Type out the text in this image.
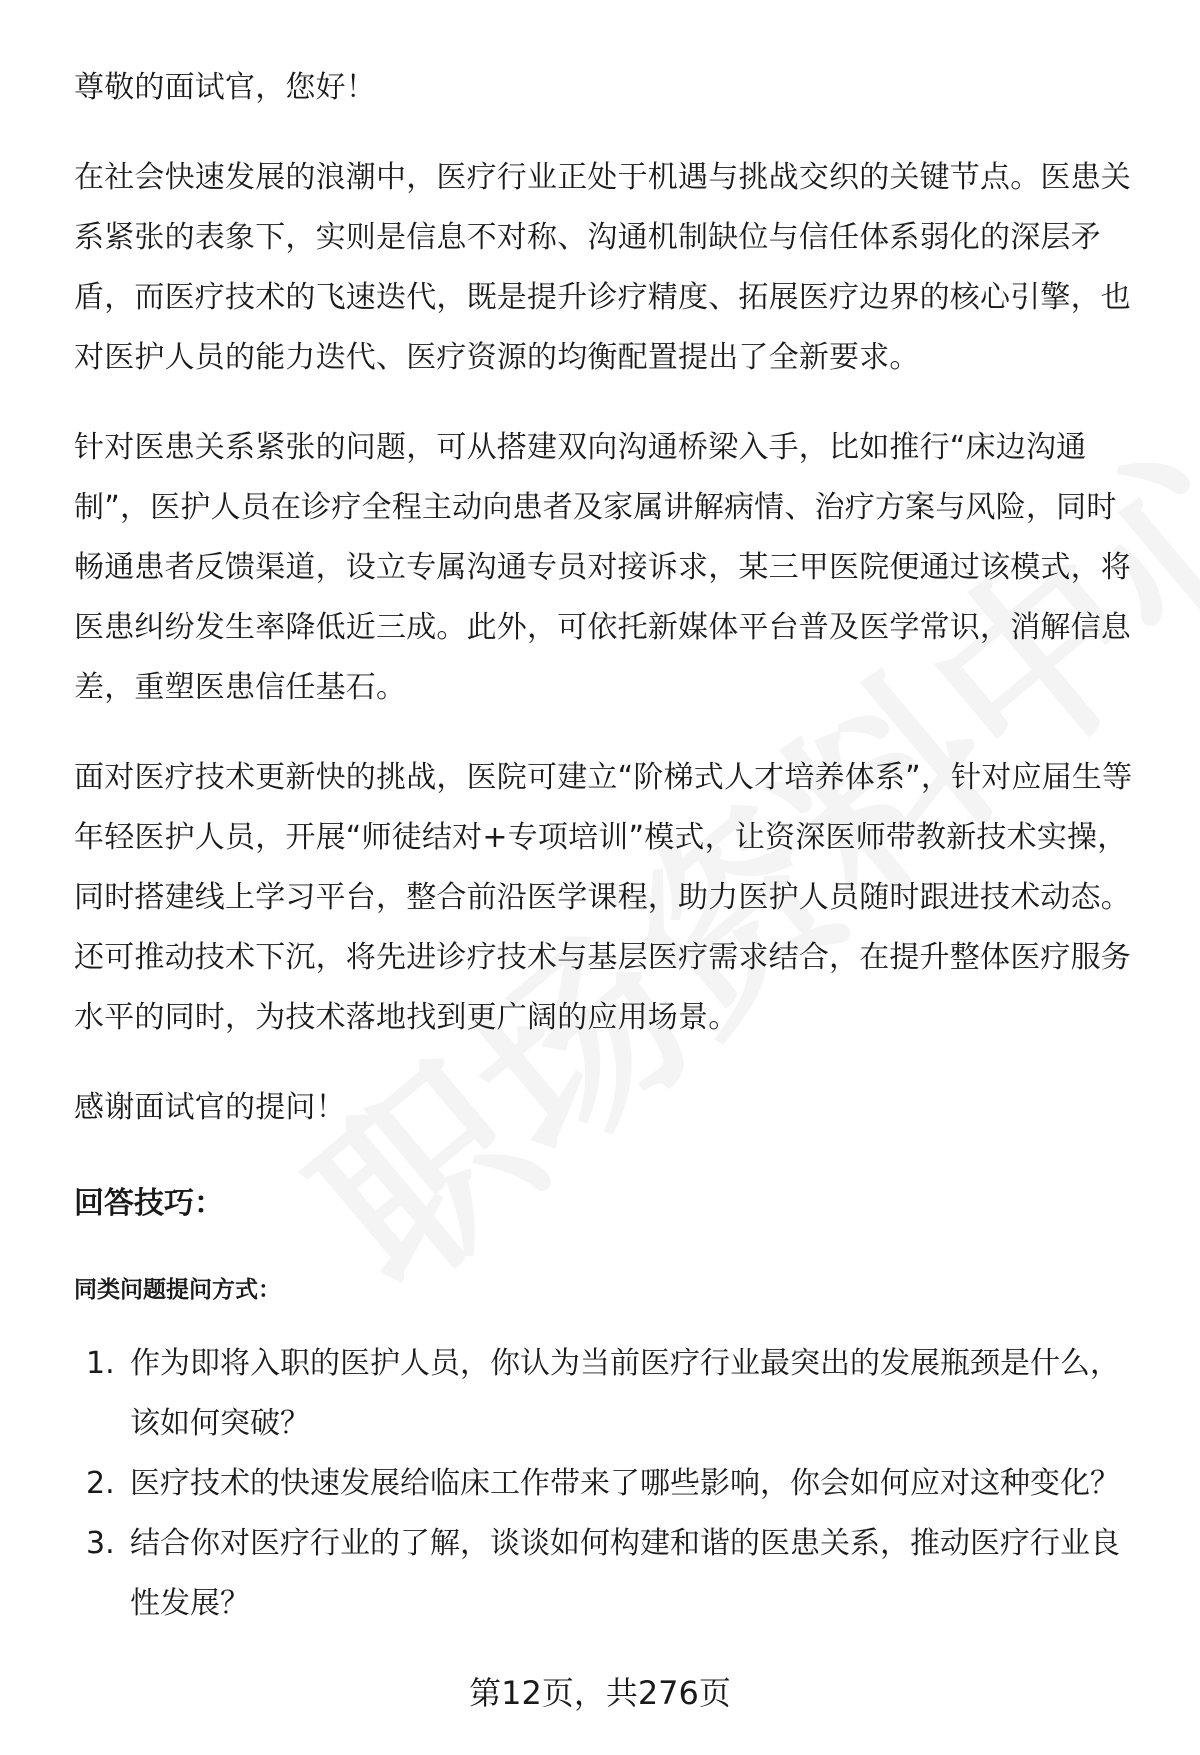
尊敬的面试官，您好！

在社会快速发展的浪潮中，医疗行业正处于机遇与挑战交织的关键节点。医患关系紧张的表象下，实则是信息不对称、沟通机制缺位与信任体系弱化的深层矛盾，而医疗技术的飞速迭代，既是提升诊疗精度、拓展医疗边界的核心引擎，也对医护人员的能力迭代、医疗资源的均衡配置提出了全新要求。

针对医患关系紧张的问题，可从搭建双向沟通桥梁入手，比如推行“床边沟通制”，医护人员在诊疗全程主动向患者及家属讲解病情、治疗方案与风险，同时畅通患者反馈渠道，设立专属沟通专员对接诉求，某三甲医院便通过该模式，将医患纠纷发生率降低近三成。此外，可依托新媒体平台普及医学常识，消解信息差，重塑医患信任基石。

面对医疗技术更新快的挑战，医院可建立“阶梯式人才培养体系”，针对应届生等年轻医护人员，开展“师徒结对+专项培训”模式，让资深医师带教新技术实操，同时搭建线上学习平台，整合前沿医学课程，助力医护人员随时跟进技术动态。还可推动技术下沉，将先进诊疗技术与基层医疗需求结合，在提升整体医疗服务水平的同时，为技术落地找到更广阔的应用场景。

感谢面试官的提问！

回答技巧：
同类问题提问方式：
1. 作为即将入职的医护人员，你认为当前医疗行业最突出的发展瓶颈是什么，该如何突破？
2. 医疗技术的快速发展给临床工作带来了哪些影响，你会如何应对这种变化？
3. 结合你对医疗行业的了解，谈谈如何构建和谐的医患关系，推动医疗行业良性发展？
第12页，共276页
